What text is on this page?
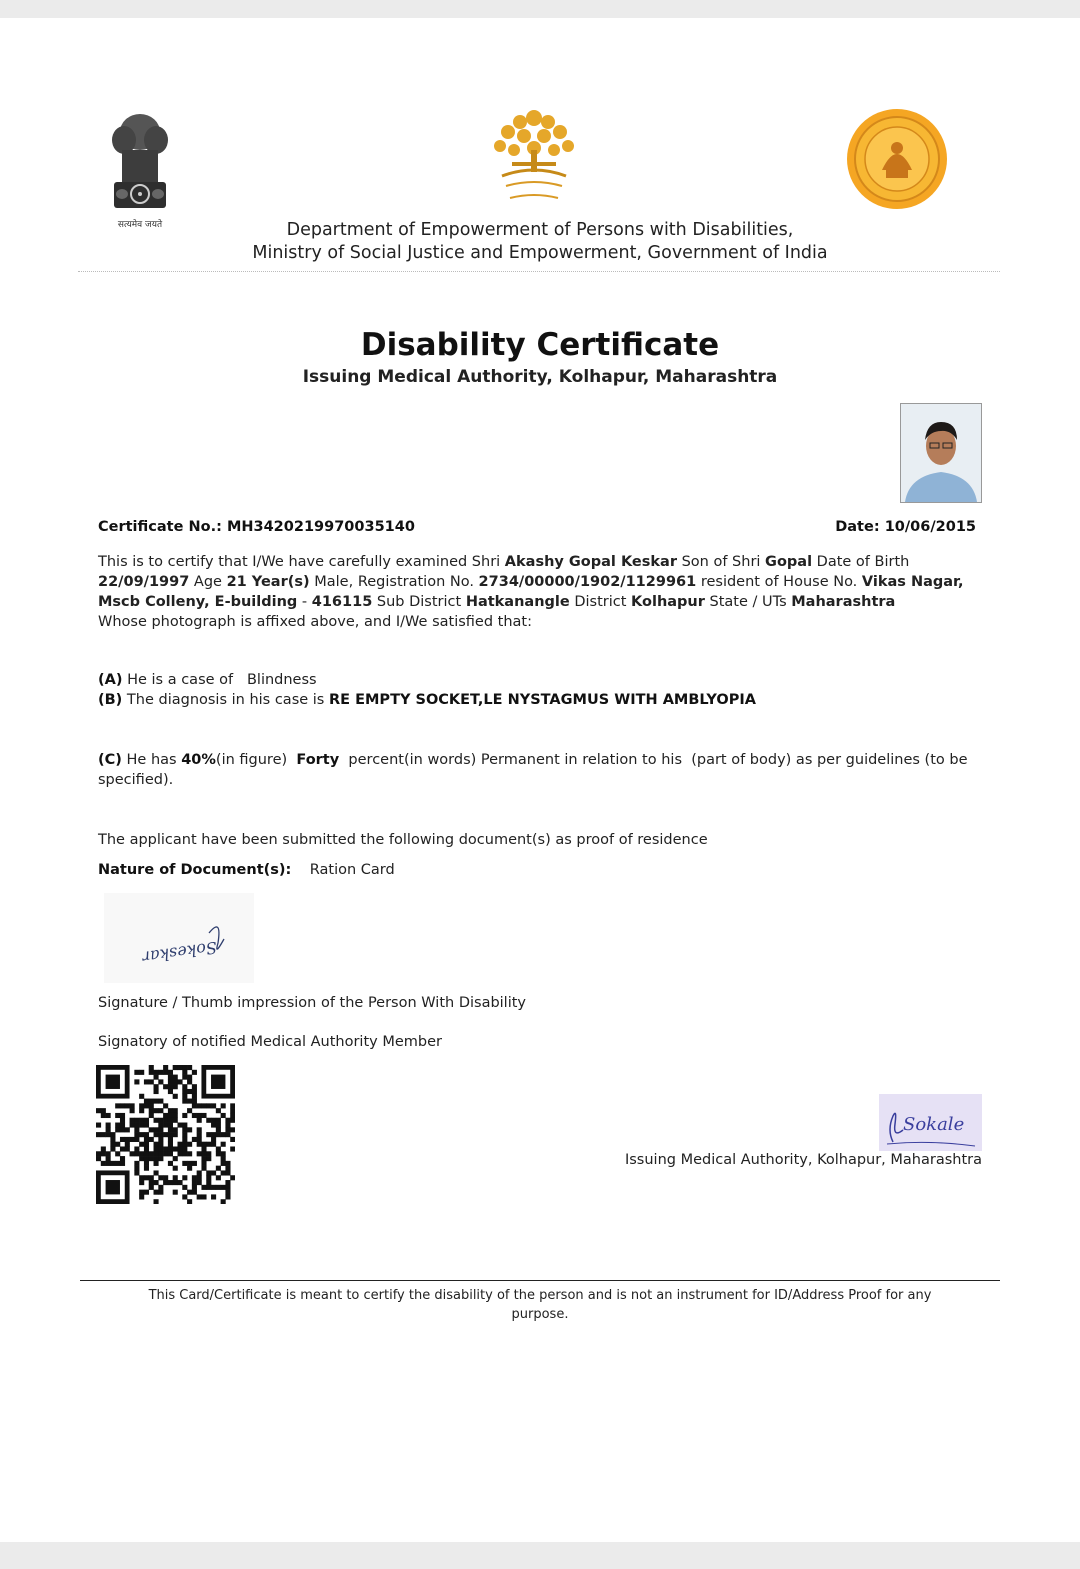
सत्यमेव जयते	Department of Empowerment of Persons with Disabilities,
Ministry of Social Justice and Empowerment, Government of India
Disability Certificate
Issuing Medical Authority, Kolhapur, Maharashtra
Certificate No.: MH3420219970035140	Date: 10/06/2015
This is to certify that I/We have carefully examined Shri Akashy Gopal Keskar Son of Shri Gopal Date of Birth 22/09/1997 Age 21 Year(s) Male, Registration No. 2734/00000/1902/1129961 resident of House No. Vikas Nagar, Mscb Colleny, E-building - 416115 Sub District Hatkanangle District Kolhapur State / UTs Maharashtra
Whose photograph is affixed above, and I/We satisfied that:
(A) He is a case of Blindness
(B) The diagnosis in his case is RE EMPTY SOCKET,LE NYSTAGMUS WITH AMBLYOPIA
(C) He has 40%(in figure) Forty percent(in words) Permanent in relation to his (part of body) as per guidelines (to be specified).
The applicant have been submitted the following document(s) as proof of residence
Nature of Document(s): Ration Card
Sokeskar
Signature / Thumb impression of the Person With Disability
Signatory of notified Medical Authority Member
Sokale
Issuing Medical Authority, Kolhapur, Maharashtra
This Card/Certificate is meant to certify the disability of the person and is not an instrument for ID/Address Proof for any purpose.
